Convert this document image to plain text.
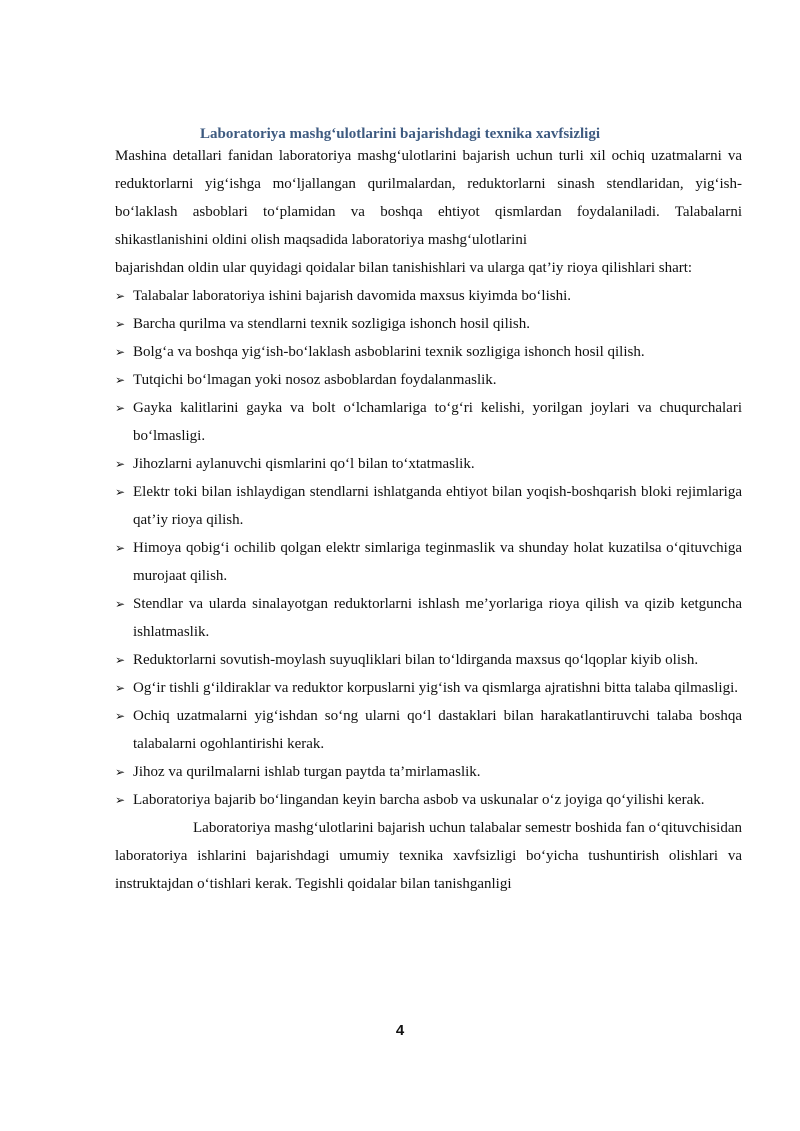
Laboratoriya mashg‘ulotlarini bajarishdagi texnika xavfsizligi

Mashina detallari fanidan laboratoriya mashg‘ulotlarini bajarish uchun turli xil ochiq uzatmalarni va reduktorlarni yig‘ishga mo‘ljallangan qurilmalardan, reduktorlarni sinash stendlaridan, yig‘ish-bo‘laklash asboblari to‘plamidan va boshqa ehtiyot qismlardan foydalaniladi. Talabalarni shikastlanishini oldini olish maqsadida laboratoriya mashg‘ulotlarini

bajarishdan oldin ular quyidagi qoidalar bilan tanishishlari va ularga qat’iy rioya qilishlari shart:

➢ Talabalar laboratoriya ishini bajarish davomida maxsus kiyimda bo‘lishi.
➢ Barcha qurilma va stendlarni texnik sozligiga ishonch hosil qilish.
➢ Bolg‘a va boshqa yig‘ish-bo‘laklash asboblarini texnik sozligiga ishonch hosil qilish.
➢ Tutqichi bo‘lmagan yoki nosoz asboblardan foydalanmaslik.
➢ Gayka kalitlarini gayka va bolt o‘lchamlariga to‘g‘ri kelishi, yorilgan joylari va chuqurchalari bo‘lmasligi.
➢ Jihozlarni aylanuvchi qismlarini qo‘l bilan to‘xtatmaslik.
➢ Elektr toki bilan ishlaydigan stendlarni ishlatganda ehtiyot bilan yoqish-boshqarish bloki rejimlariga qat’iy rioya qilish.
➢ Himoya qobig‘i ochilib qolgan elektr simlariga teginmaslik va shunday holat kuzatilsa o‘qituvchiga murojaat qilish.
➢ Stendlar va ularda sinalayotgan reduktorlarni ishlash me’yorlariga rioya qilish va qizib ketguncha ishlatmaslik.
➢ Reduktorlarni sovutish-moylash suyuqliklari bilan to‘ldirganda maxsus qo‘lqoplar kiyib olish.
➢ Og‘ir tishli g‘ildiraklar va reduktor korpuslarni yig‘ish va qismlarga ajratishni bitta talaba qilmasligi.
➢ Ochiq uzatmalarni yig‘ishdan so‘ng ularni qo‘l dastaklari bilan harakatlantiruvchi talaba boshqa talabalarni ogohlantirishi kerak.
➢ Jihoz va qurilmalarni ishlab turgan paytda ta’mirlamaslik.
➢ Laboratoriya bajarib bo‘lingandan keyin barcha asbob va uskunalar o‘z joyiga qo‘yilishi kerak.

Laboratoriya mashg‘ulotlarini bajarish uchun talabalar semestr boshida fan o‘qituvchisidan laboratoriya ishlarini bajarishdagi umumiy texnika xavfsizligi bo‘yicha tushuntirish olishlari va instruktajdan o‘tishlari kerak. Tegishli qoidalar bilan tanishganligi

4
